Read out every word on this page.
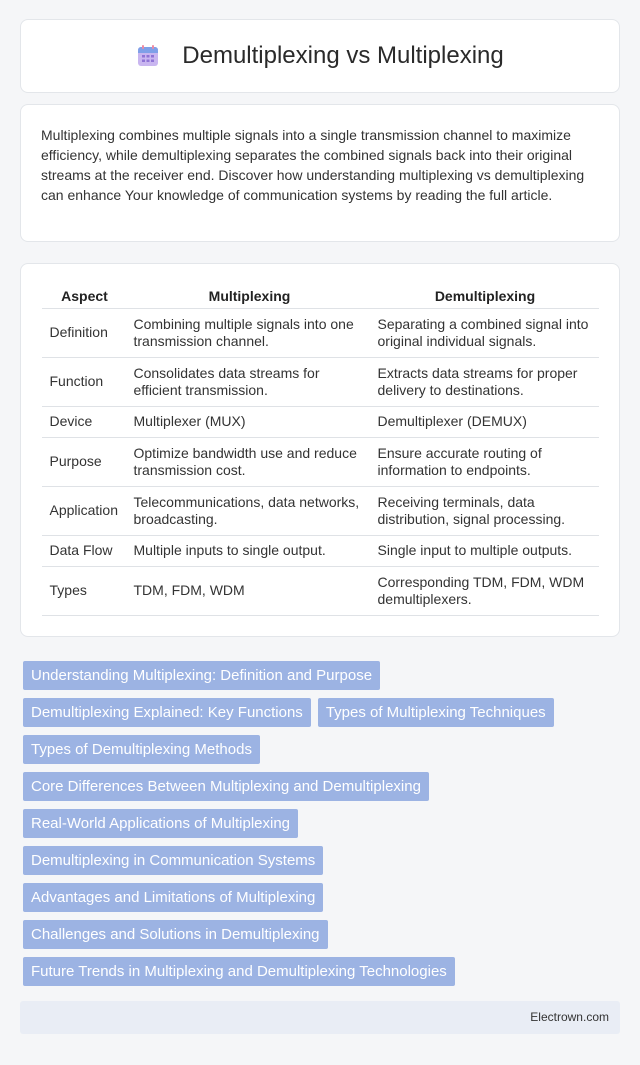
Demultiplexing vs Multiplexing

Multiplexing combines multiple signals into a single transmission channel to maximize efficiency, while demultiplexing separates the combined signals back into their original streams at the receiver end. Discover how understanding multiplexing vs demultiplexing can enhance Your knowledge of communication systems by reading the full article.

Aspect	Multiplexing	Demultiplexing
Definition	Combining multiple signals into one transmission channel.	Separating a combined signal into original individual signals.
Function	Consolidates data streams for efficient transmission.	Extracts data streams for proper delivery to destinations.
Device	Multiplexer (MUX)	Demultiplexer (DEMUX)
Purpose	Optimize bandwidth use and reduce transmission cost.	Ensure accurate routing of information to endpoints.
Application	Telecommunications, data networks, broadcasting.	Receiving terminals, data distribution, signal processing.
Data Flow	Multiple inputs to single output.	Single input to multiple outputs.
Types	TDM, FDM, WDM	Corresponding TDM, FDM, WDM demultiplexers.
Understanding Multiplexing: Definition and Purpose
Demultiplexing Explained: Key Functions	Types of Multiplexing Techniques
Types of Demultiplexing Methods
Core Differences Between Multiplexing and Demultiplexing
Real-World Applications of Multiplexing
Demultiplexing in Communication Systems
Advantages and Limitations of Multiplexing
Challenges and Solutions in Demultiplexing
Future Trends in Multiplexing and Demultiplexing Technologies
Electrown.com
